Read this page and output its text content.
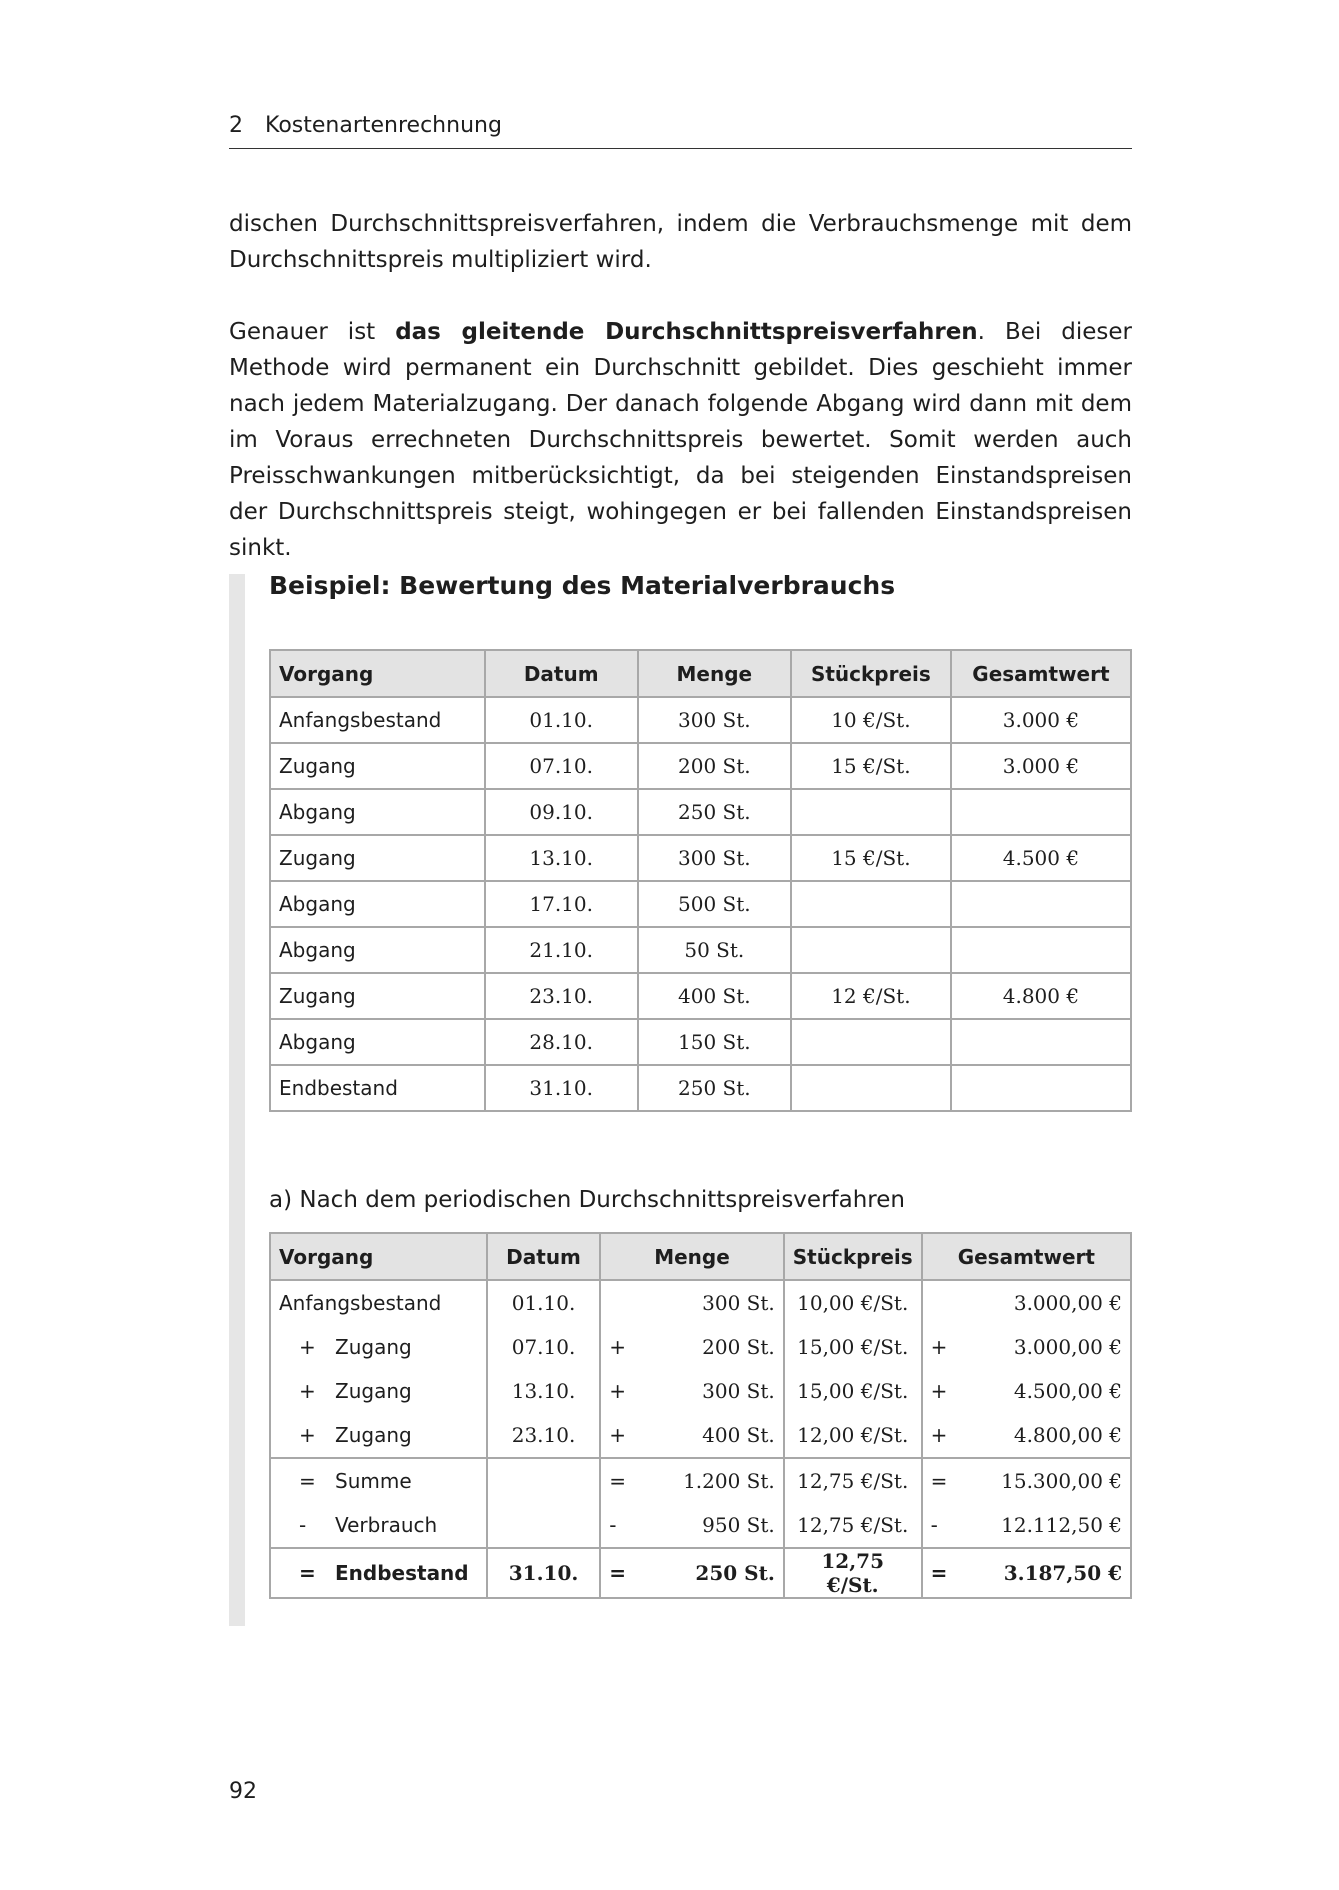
2 Kostenartenrechnung
dischen Durchschnittspreisverfahren, indem die Verbrauchsmenge mit dem Durchschnittspreis multipliziert wird.
Genauer ist das gleitende Durchschnittspreisverfahren. Bei dieser Methode wird permanent ein Durchschnitt gebildet. Dies geschieht immer nach jedem Materialzugang. Der danach folgende Abgang wird dann mit dem im Voraus errechneten Durchschnittspreis bewertet. Somit werden auch Preisschwankungen mitberücksichtigt, da bei steigenden Einstandspreisen der Durchschnittspreis steigt, wohingegen er bei fallenden Einstandspreisen sinkt.
Beispiel: Bewertung des Materialverbrauchs
Vorgang	Datum	Menge	Stückpreis	Gesamtwert
Anfangsbestand	01.10.	300 St.	10 €/St.	3.000 €
Zugang	07.10.	200 St.	15 €/St.	3.000 €
Abgang	09.10.	250 St.		
Zugang	13.10.	300 St.	15 €/St.	4.500 €
Abgang	17.10.	500 St.		
Abgang	21.10.	50 St.		
Zugang	23.10.	400 St.	12 €/St.	4.800 €
Abgang	28.10.	150 St.		
Endbestand	31.10.	250 St.		
a) Nach dem periodischen Durchschnittspreisverfahren
Vorgang	Datum	Menge	Stückpreis	Gesamtwert
Anfangsbestand	01.10.	300 St.	10,00 €/St.	3.000,00 €

+ Zugang	07.10.	+ 200 St.	15,00 €/St.	+ 3.000,00 €

+ Zugang	13.10.	+ 300 St.	15,00 €/St.	+ 4.500,00 €

+ Zugang	23.10.	+ 400 St.	12,00 €/St.	+ 4.800,00 €

= Summe		= 1.200 St.	12,75 €/St.	= 15.300,00 €

- Verbrauch		- 950 St.	12,75 €/St.	- 12.112,50 €

= Endbestand	31.10.	= 250 St.	12,75 €/St.	= 3.187,50 €
92
